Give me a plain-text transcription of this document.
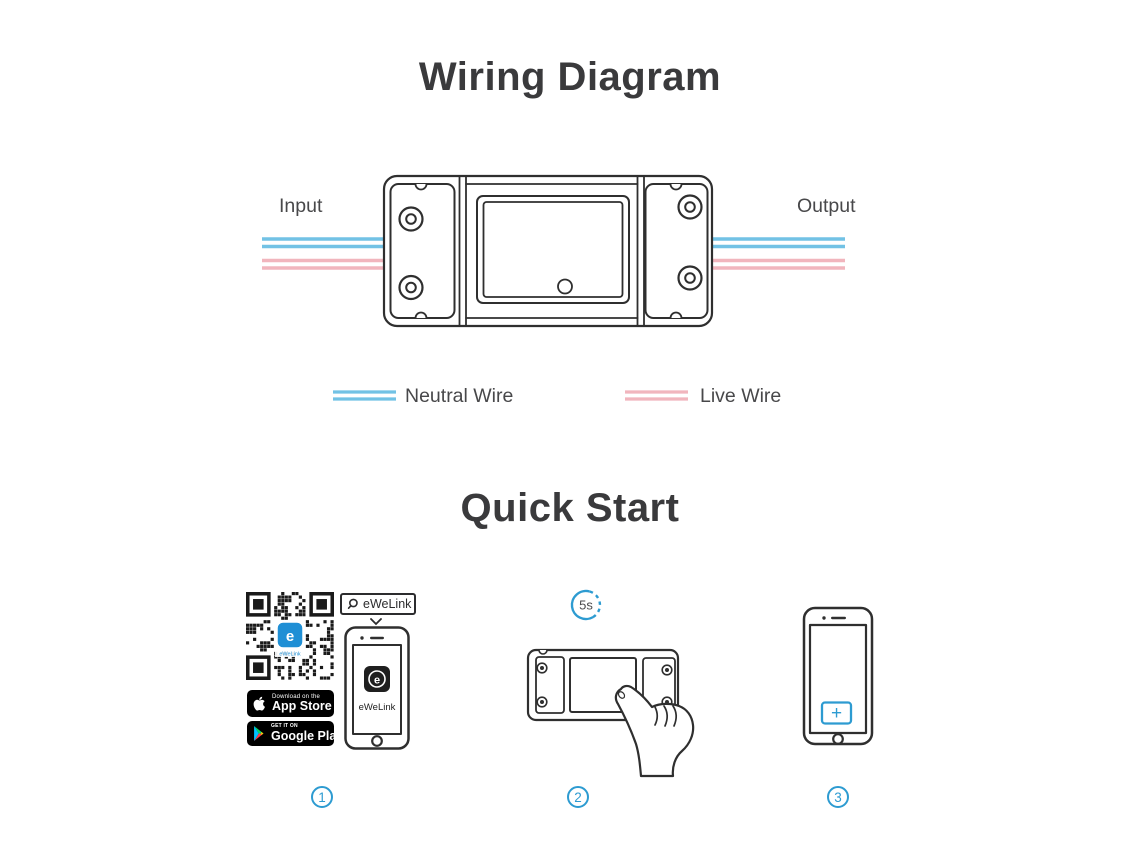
e
eWeLink
e
eWeLink
5s
+
Wiring Diagram
Input	Output
Neutral Wire	Live Wire
Quick Start
eWeLink
Download on the
App Store
GET IT ON
Google Play
1	2	3
